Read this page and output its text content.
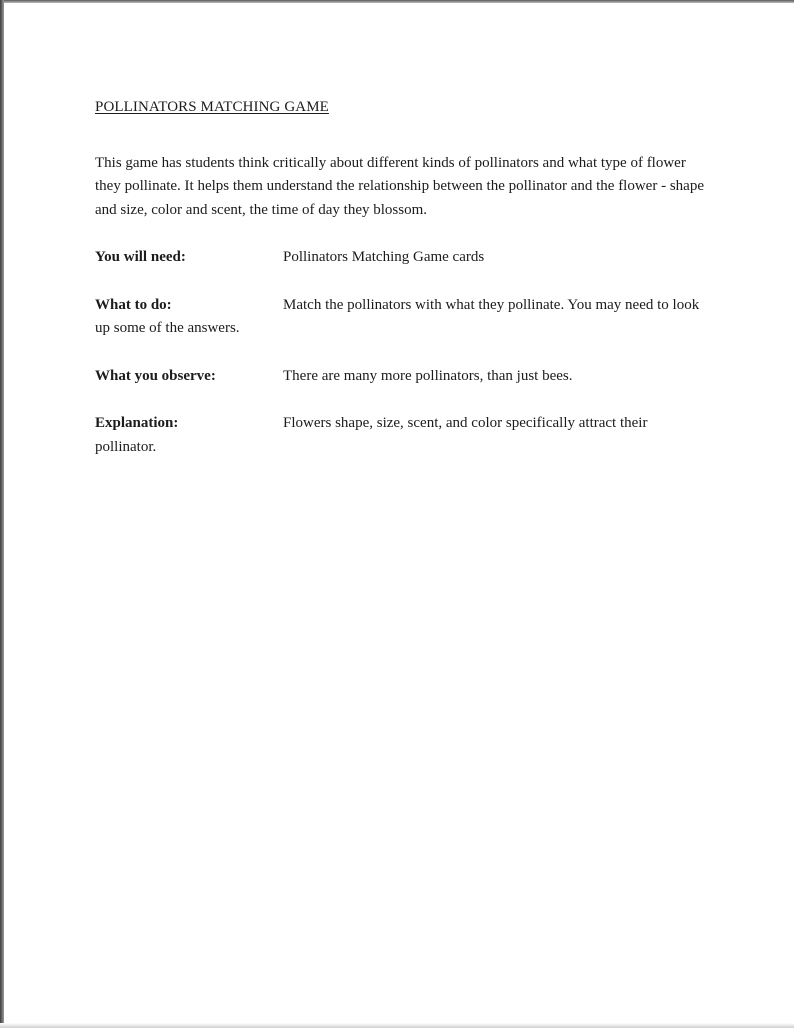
POLLINATORS MATCHING GAME

This game has students think critically about different kinds of pollinators and what type of flower they pollinate. It helps them understand the relationship between the pollinator and the flower - shape and size, color and scent, the time of day they blossom.

You will need:	Pollinators Matching Game cards

What to do:	Match the pollinators with what they pollinate. You may need to look up some of the answers.

What you observe:	There are many more pollinators, than just bees.

Explanation:	Flowers shape, size, scent, and color specifically attract their pollinator.
